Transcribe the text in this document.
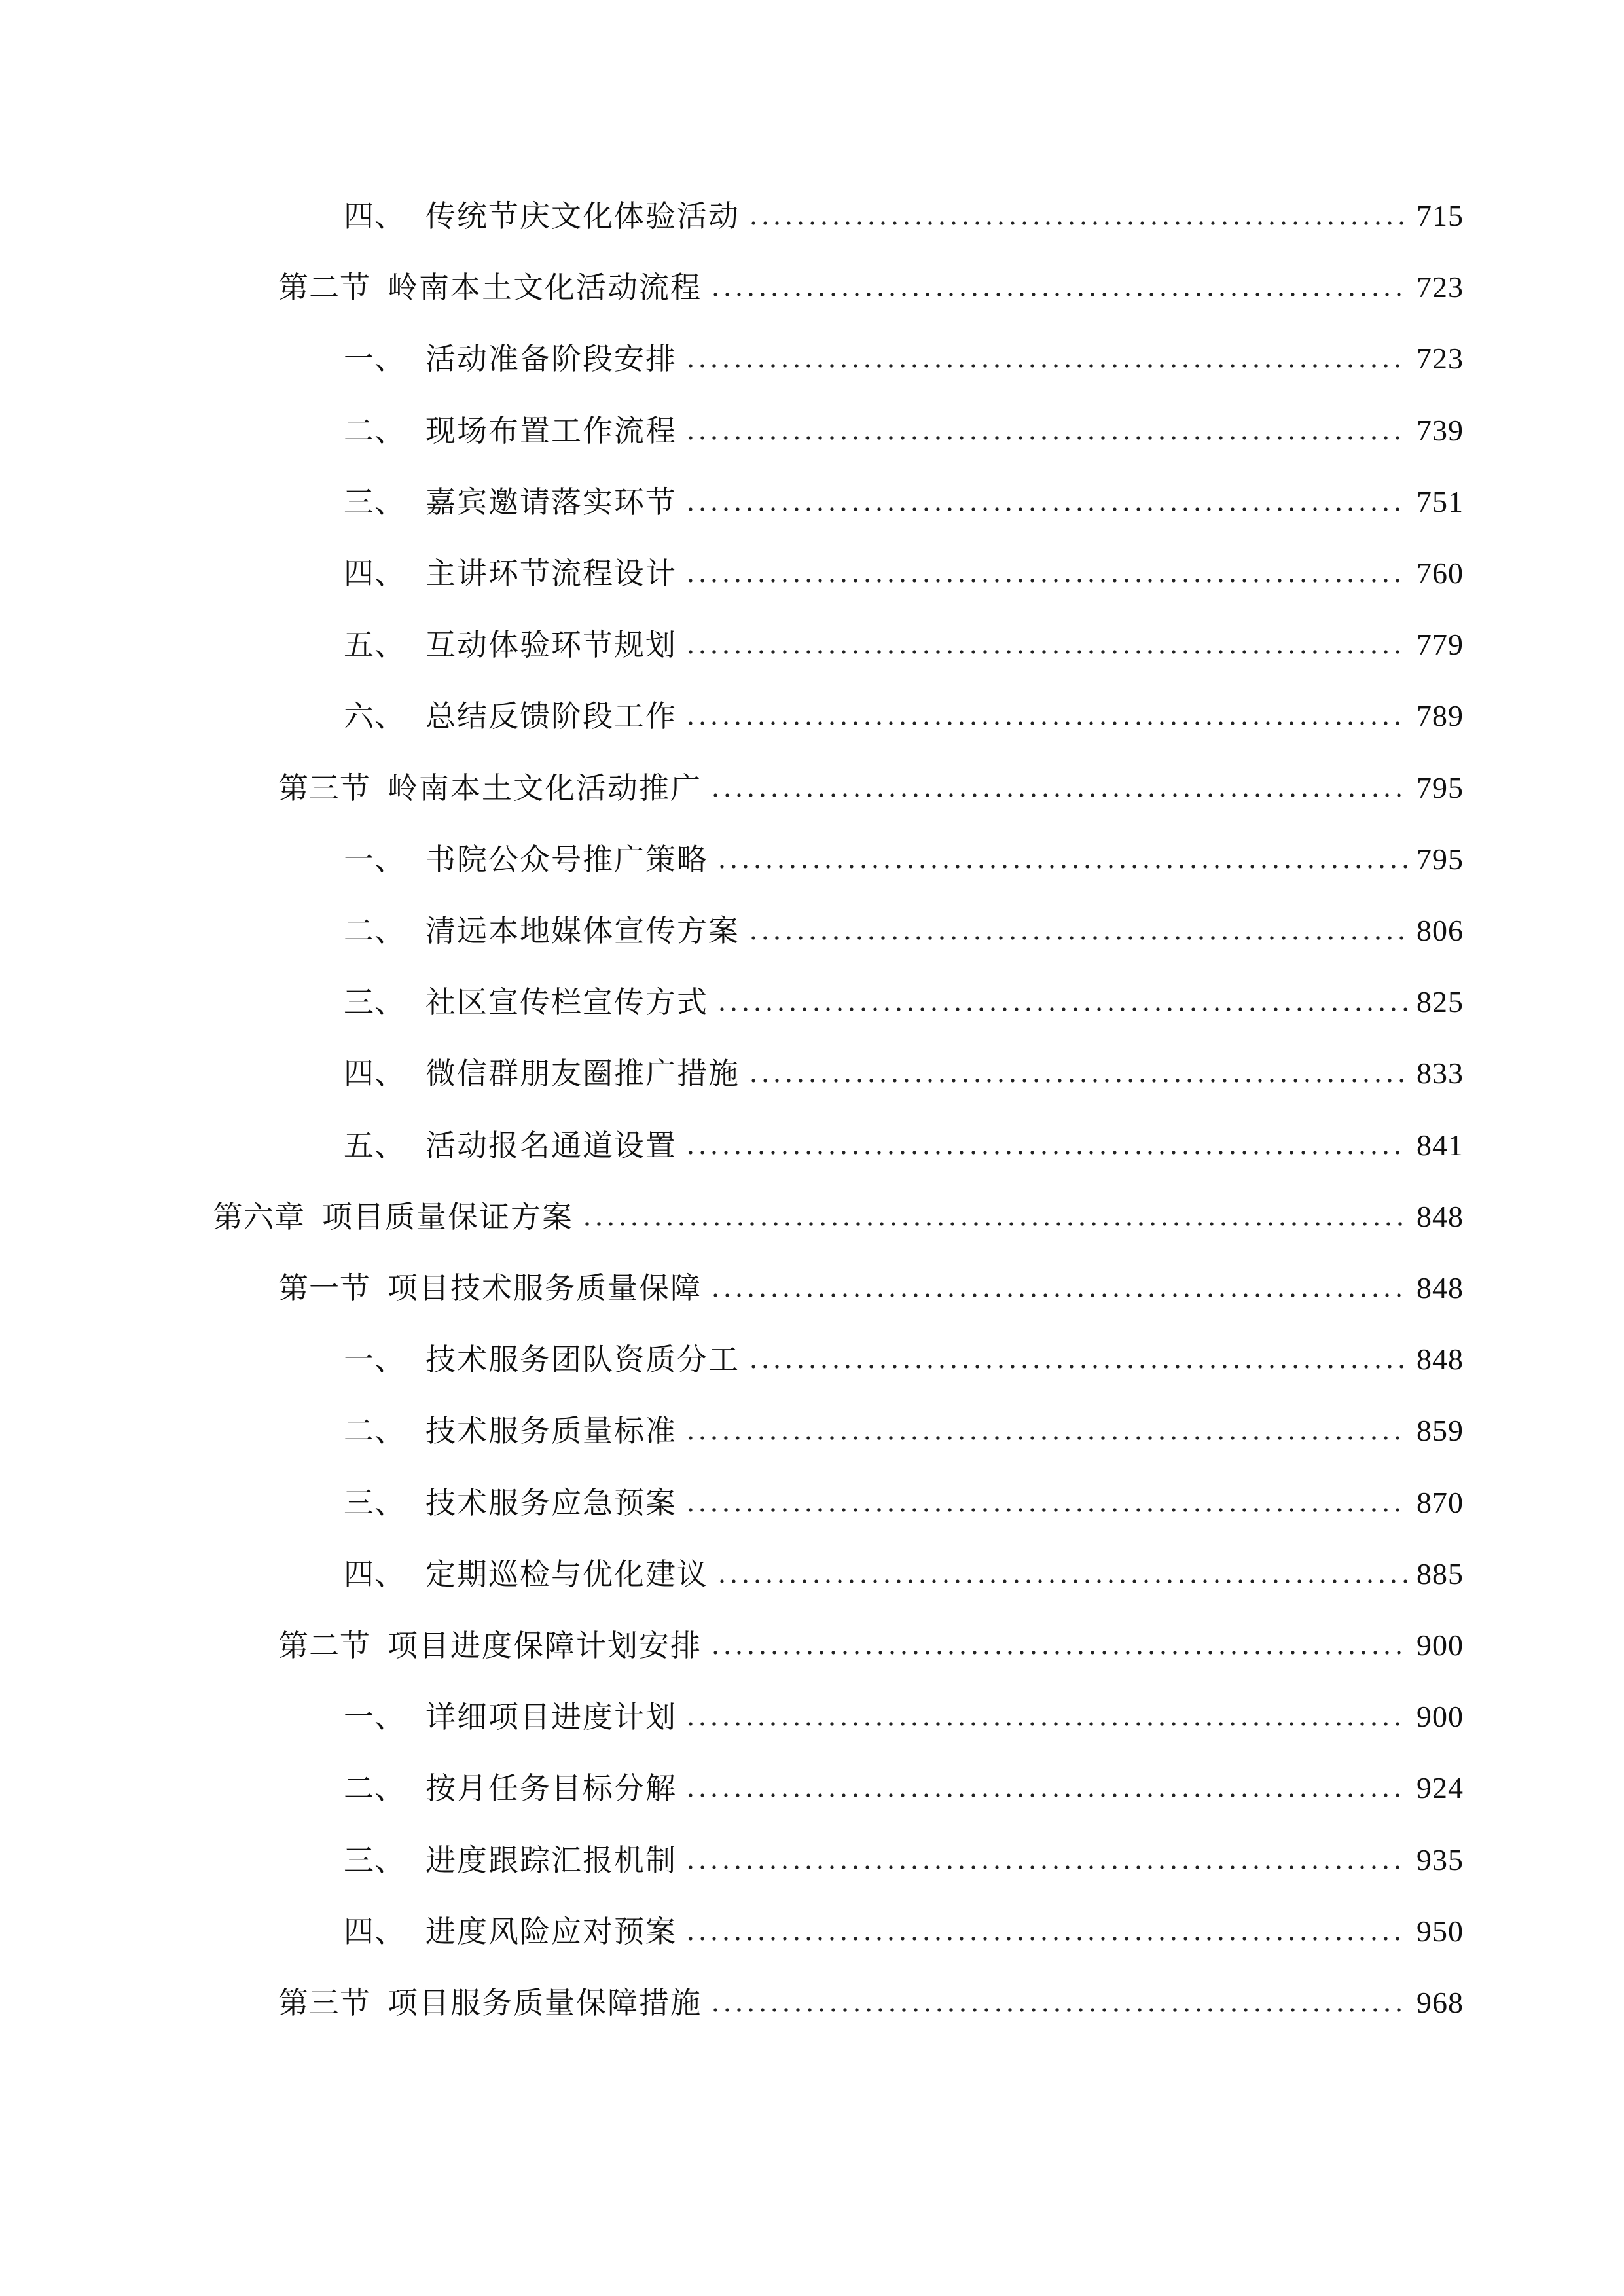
四、 传统节庆文化体验活动	715
第二节 岭南本土文化活动流程	723
一、 活动准备阶段安排	723
二、 现场布置工作流程	739
三、 嘉宾邀请落实环节	751
四、 主讲环节流程设计	760
五、 互动体验环节规划	779
六、 总结反馈阶段工作	789
第三节 岭南本土文化活动推广	795
一、 书院公众号推广策略	795
二、 清远本地媒体宣传方案	806
三、 社区宣传栏宣传方式	825
四、 微信群朋友圈推广措施	833
五、 活动报名通道设置	841
第六章 项目质量保证方案	848
第一节 项目技术服务质量保障	848
一、 技术服务团队资质分工	848
二、 技术服务质量标准	859
三、 技术服务应急预案	870
四、 定期巡检与优化建议	885
第二节 项目进度保障计划安排	900
一、 详细项目进度计划	900
二、 按月任务目标分解	924
三、 进度跟踪汇报机制	935
四、 进度风险应对预案	950
第三节 项目服务质量保障措施	968
